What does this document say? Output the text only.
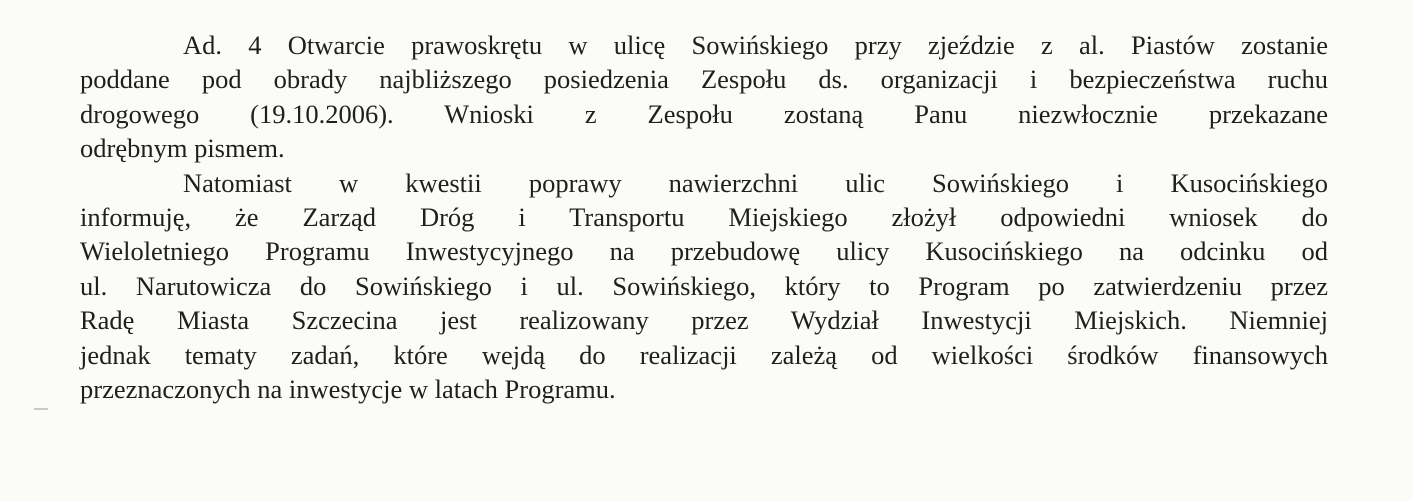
Ad. 4 Otwarcie prawoskrętu w ulicę Sowińskiego przy zjeździe z al. Piastów zostanie
poddane pod obrady najbliższego posiedzenia Zespołu ds. organizacji i bezpieczeństwa ruchu
drogowego (19.10.2006). Wnioski z Zespołu zostaną Panu niezwłocznie przekazane
odrębnym pismem.
Natomiast w kwestii poprawy nawierzchni ulic Sowińskiego i Kusocińskiego
informuję, że Zarząd Dróg i Transportu Miejskiego złożył odpowiedni wniosek do
Wieloletniego Programu Inwestycyjnego na przebudowę ulicy Kusocińskiego na odcinku od
ul. Narutowicza do Sowińskiego i ul. Sowińskiego, który to Program po zatwierdzeniu przez
Radę Miasta Szczecina jest realizowany przez Wydział Inwestycji Miejskich. Niemniej
jednak tematy zadań, które wejdą do realizacji zależą od wielkości środków finansowych
przeznaczonych na inwestycje w latach Programu.
